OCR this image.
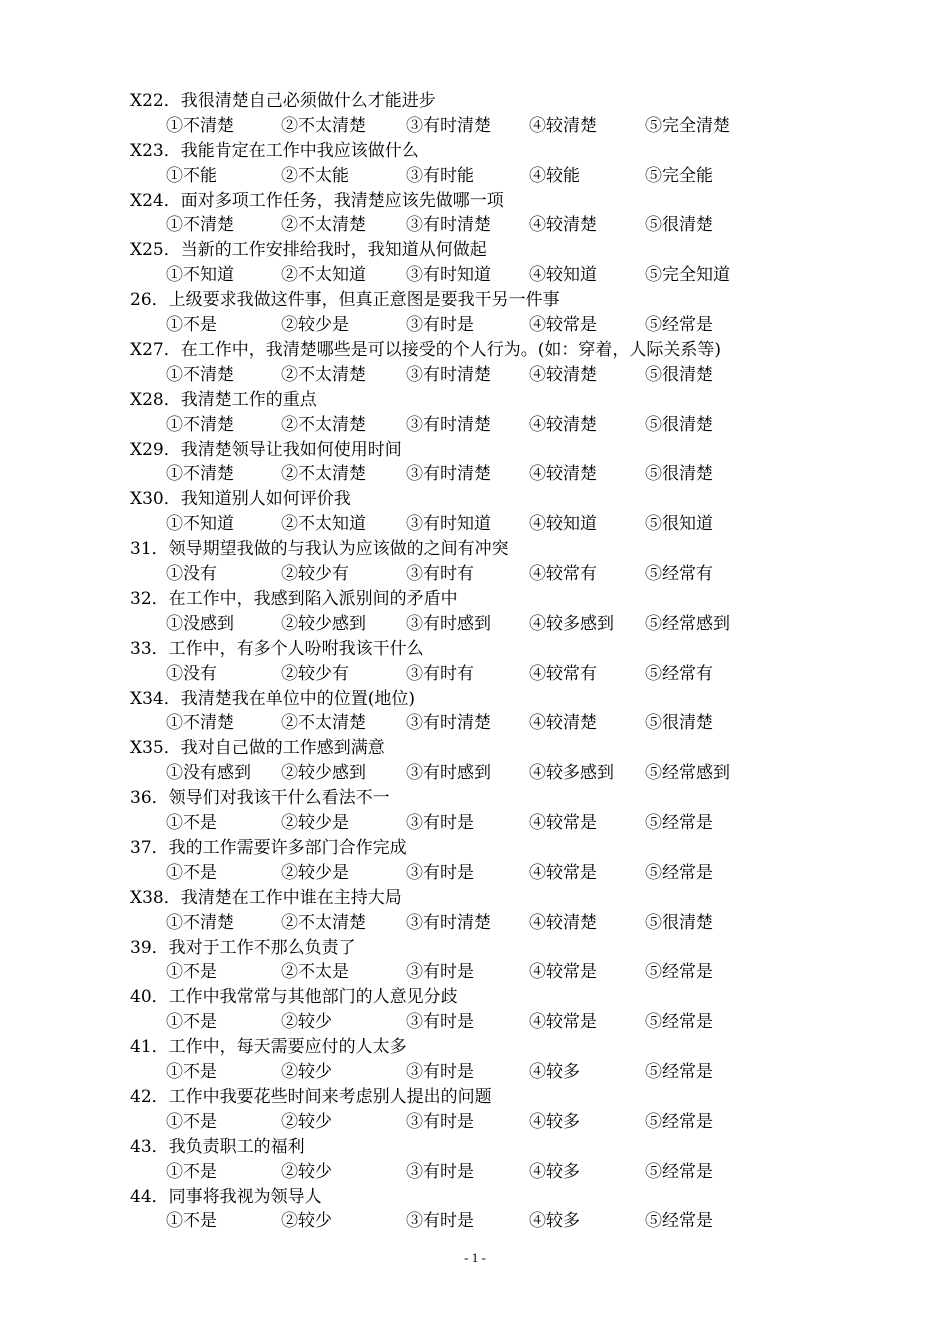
X22．我很清楚自己必须做什么才能进步
①不清楚	②不太清楚 ③有时清楚 ④较清楚	⑤完全清楚
X23．我能肯定在工作中我应该做什么
①不能	②不太能	③有时能	④较能	⑤完全能
X24．面对多项工作任务，我清楚应该先做哪一项
①不清楚	②不太清楚 ③有时清楚 ④较清楚	⑤很清楚
X25．当新的工作安排给我时，我知道从何做起
①不知道	②不太知道 ③有时知道 ④较知道	⑤完全知道
26．上级要求我做这件事，但真正意图是要我干另一件事
①不是	②较少是	③有时是	④较常是	⑤经常是
X27．在工作中，我清楚哪些是可以接受的个人行为。(如：穿着，人际关系等)
①不清楚	②不太清楚 ③有时清楚 ④较清楚	⑤很清楚
X28．我清楚工作的重点
①不清楚	②不太清楚 ③有时清楚 ④较清楚	⑤很清楚
X29．我清楚领导让我如何使用时间
①不清楚	②不太清楚 ③有时清楚 ④较清楚	⑤很清楚
X30．我知道别人如何评价我
①不知道	②不太知道 ③有时知道 ④较知道	⑤很知道
31．领导期望我做的与我认为应该做的之间有冲突
①没有	②较少有	③有时有	④较常有	⑤经常有
32．在工作中，我感到陷入派别间的矛盾中
①没感到	②较少感到 ③有时感到 ④较多感到 ⑤经常感到
33．工作中，有多个人吩咐我该干什么
①没有	②较少有	③有时有	④较常有	⑤经常有
X34．我清楚我在单位中的位置(地位)
①不清楚	②不太清楚 ③有时清楚 ④较清楚	⑤很清楚
X35．我对自己做的工作感到满意
①没有感到 ②较少感到 ③有时感到 ④较多感到 ⑤经常感到
36．领导们对我该干什么看法不一
①不是	②较少是	③有时是	④较常是	⑤经常是
37．我的工作需要许多部门合作完成
①不是	②较少是	③有时是	④较常是	⑤经常是
X38．我清楚在工作中谁在主持大局
①不清楚	②不太清楚 ③有时清楚 ④较清楚	⑤很清楚
39．我对于工作不那么负责了
①不是	②不太是	③有时是	④较常是	⑤经常是
40．工作中我常常与其他部门的人意见分歧
①不是	②较少	③有时是	④较常是	⑤经常是
41．工作中，每天需要应付的人太多
①不是	②较少	③有时是	④较多	⑤经常是
42．工作中我要花些时间来考虑别人提出的问题
①不是	②较少	③有时是	④较多	⑤经常是
43．我负责职工的福利
①不是	②较少	③有时是	④较多	⑤经常是
44．同事将我视为领导人
①不是	②较少	③有时是	④较多	⑤经常是
- 1 -
